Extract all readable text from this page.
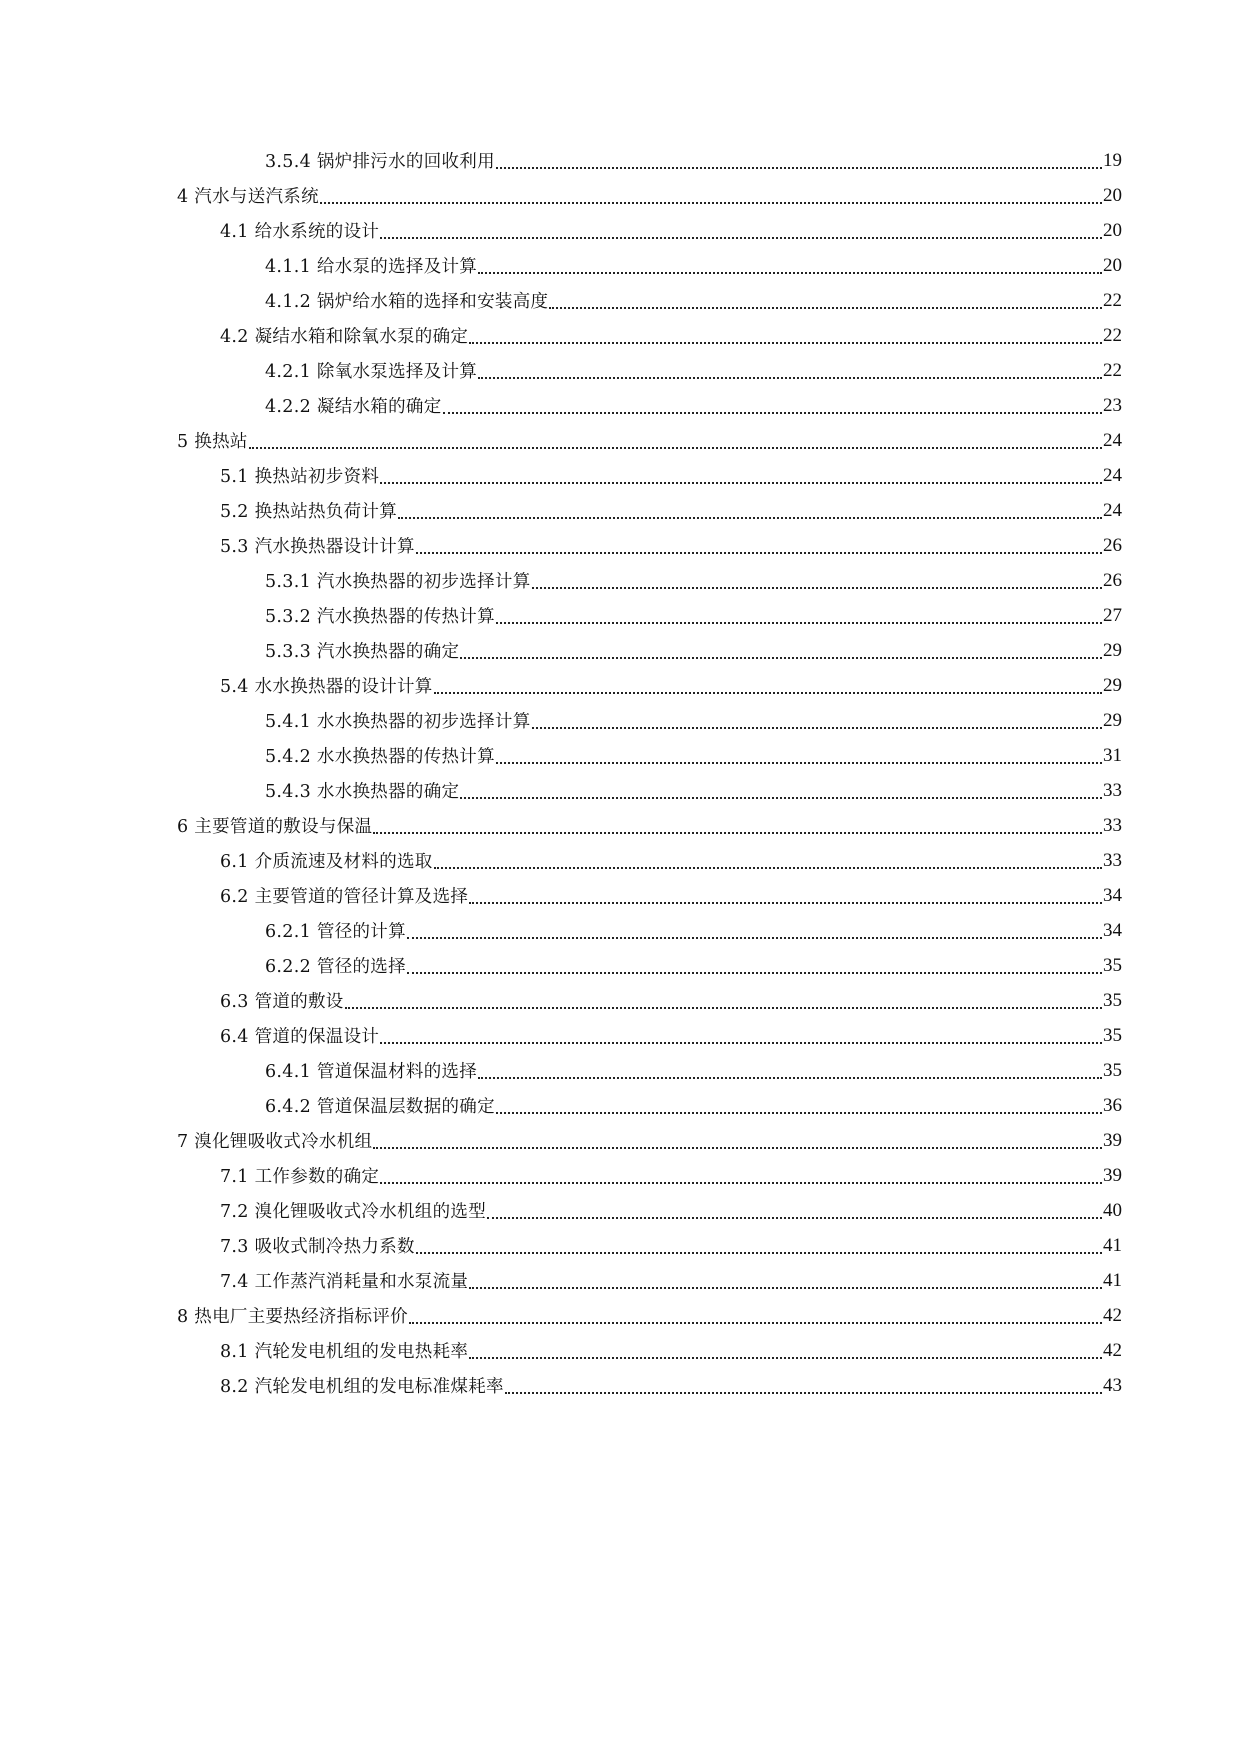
3.5.4 锅炉排污水的回收利用	19
4 汽水与送汽系统	20
4.1 给水系统的设计	20
4.1.1 给水泵的选择及计算	20
4.1.2 锅炉给水箱的选择和安装高度	22
4.2 凝结水箱和除氧水泵的确定	22
4.2.1 除氧水泵选择及计算	22
4.2.2 凝结水箱的确定	23
5 换热站	24
5.1 换热站初步资料	24
5.2 换热站热负荷计算	24
5.3 汽水换热器设计计算	26
5.3.1 汽水换热器的初步选择计算	26
5.3.2 汽水换热器的传热计算	27
5.3.3 汽水换热器的确定	29
5.4 水水换热器的设计计算	29
5.4.1 水水换热器的初步选择计算	29
5.4.2 水水换热器的传热计算	31
5.4.3 水水换热器的确定	33
6 主要管道的敷设与保温	33
6.1 介质流速及材料的选取	33
6.2 主要管道的管径计算及选择	34
6.2.1 管径的计算	34
6.2.2 管径的选择	35
6.3 管道的敷设	35
6.4 管道的保温设计	35
6.4.1 管道保温材料的选择	35
6.4.2 管道保温层数据的确定	36
7 溴化锂吸收式冷水机组	39
7.1 工作参数的确定	39
7.2 溴化锂吸收式冷水机组的选型	40
7.3 吸收式制冷热力系数	41
7.4 工作蒸汽消耗量和水泵流量	41
8 热电厂主要热经济指标评价	42
8.1 汽轮发电机组的发电热耗率	42
8.2 汽轮发电机组的发电标准煤耗率	43
